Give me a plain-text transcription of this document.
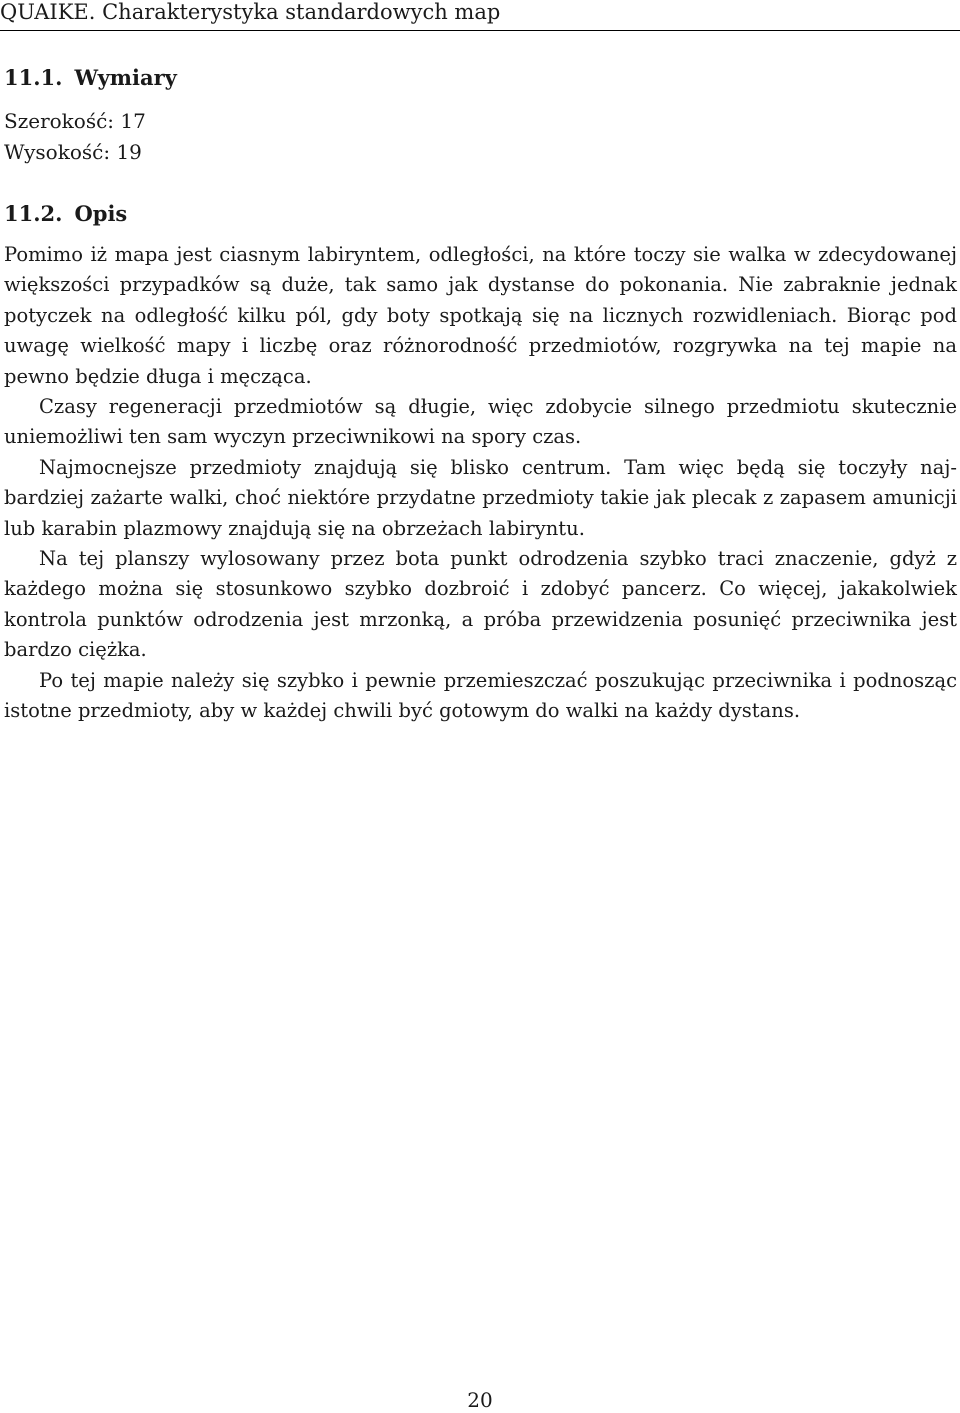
QUAIKE. Charakterystyka standardowych map
11.1. Wymiary
Szerokość: 17
Wysokość: 19
11.2. Opis

Pomimo iż mapa jest ciasnym labiryntem, odległości, na które toczy sie walka w zdecydowanej większości przypadków są duże, tak samo jak dystanse do pokonania. Nie zabraknie jednak potyczek na odległość kilku pól, gdy boty spotkają się na licznych rozwidleniach. Biorąc pod uwagę wielkość mapy i liczbę oraz różnorodność przedmiotów, rozgrywka na tej mapie na pewno będzie długa i męcząca.

Czasy regeneracji przedmiotów są długie, więc zdobycie silnego przedmiotu skutecznie uniemożliwi ten sam wyczyn przeciwnikowi na spory czas.

Najmocnejsze przedmioty znajdują się blisko centrum. Tam więc będą się toczyły najbardziej zażarte walki, choć niektóre przydatne przedmioty takie jak plecak z zapasem amunicji lub karabin plazmowy znajdują się na obrzeżach labiryntu.

Na tej planszy wylosowany przez bota punkt odrodzenia szybko traci znaczenie, gdyż z każdego można się stosunkowo szybko dozbroić i zdobyć pancerz. Co więcej, jakakolwiek kontrola punktów odrodzenia jest mrzonką, a próba przewidzenia posunięć przeciwnika jest bardzo ciężka.

Po tej mapie należy się szybko i pewnie przemieszczać poszukując przeciwnika i podnosząc istotne przedmioty, aby w każdej chwili być gotowym do walki na każdy dystans.

20
